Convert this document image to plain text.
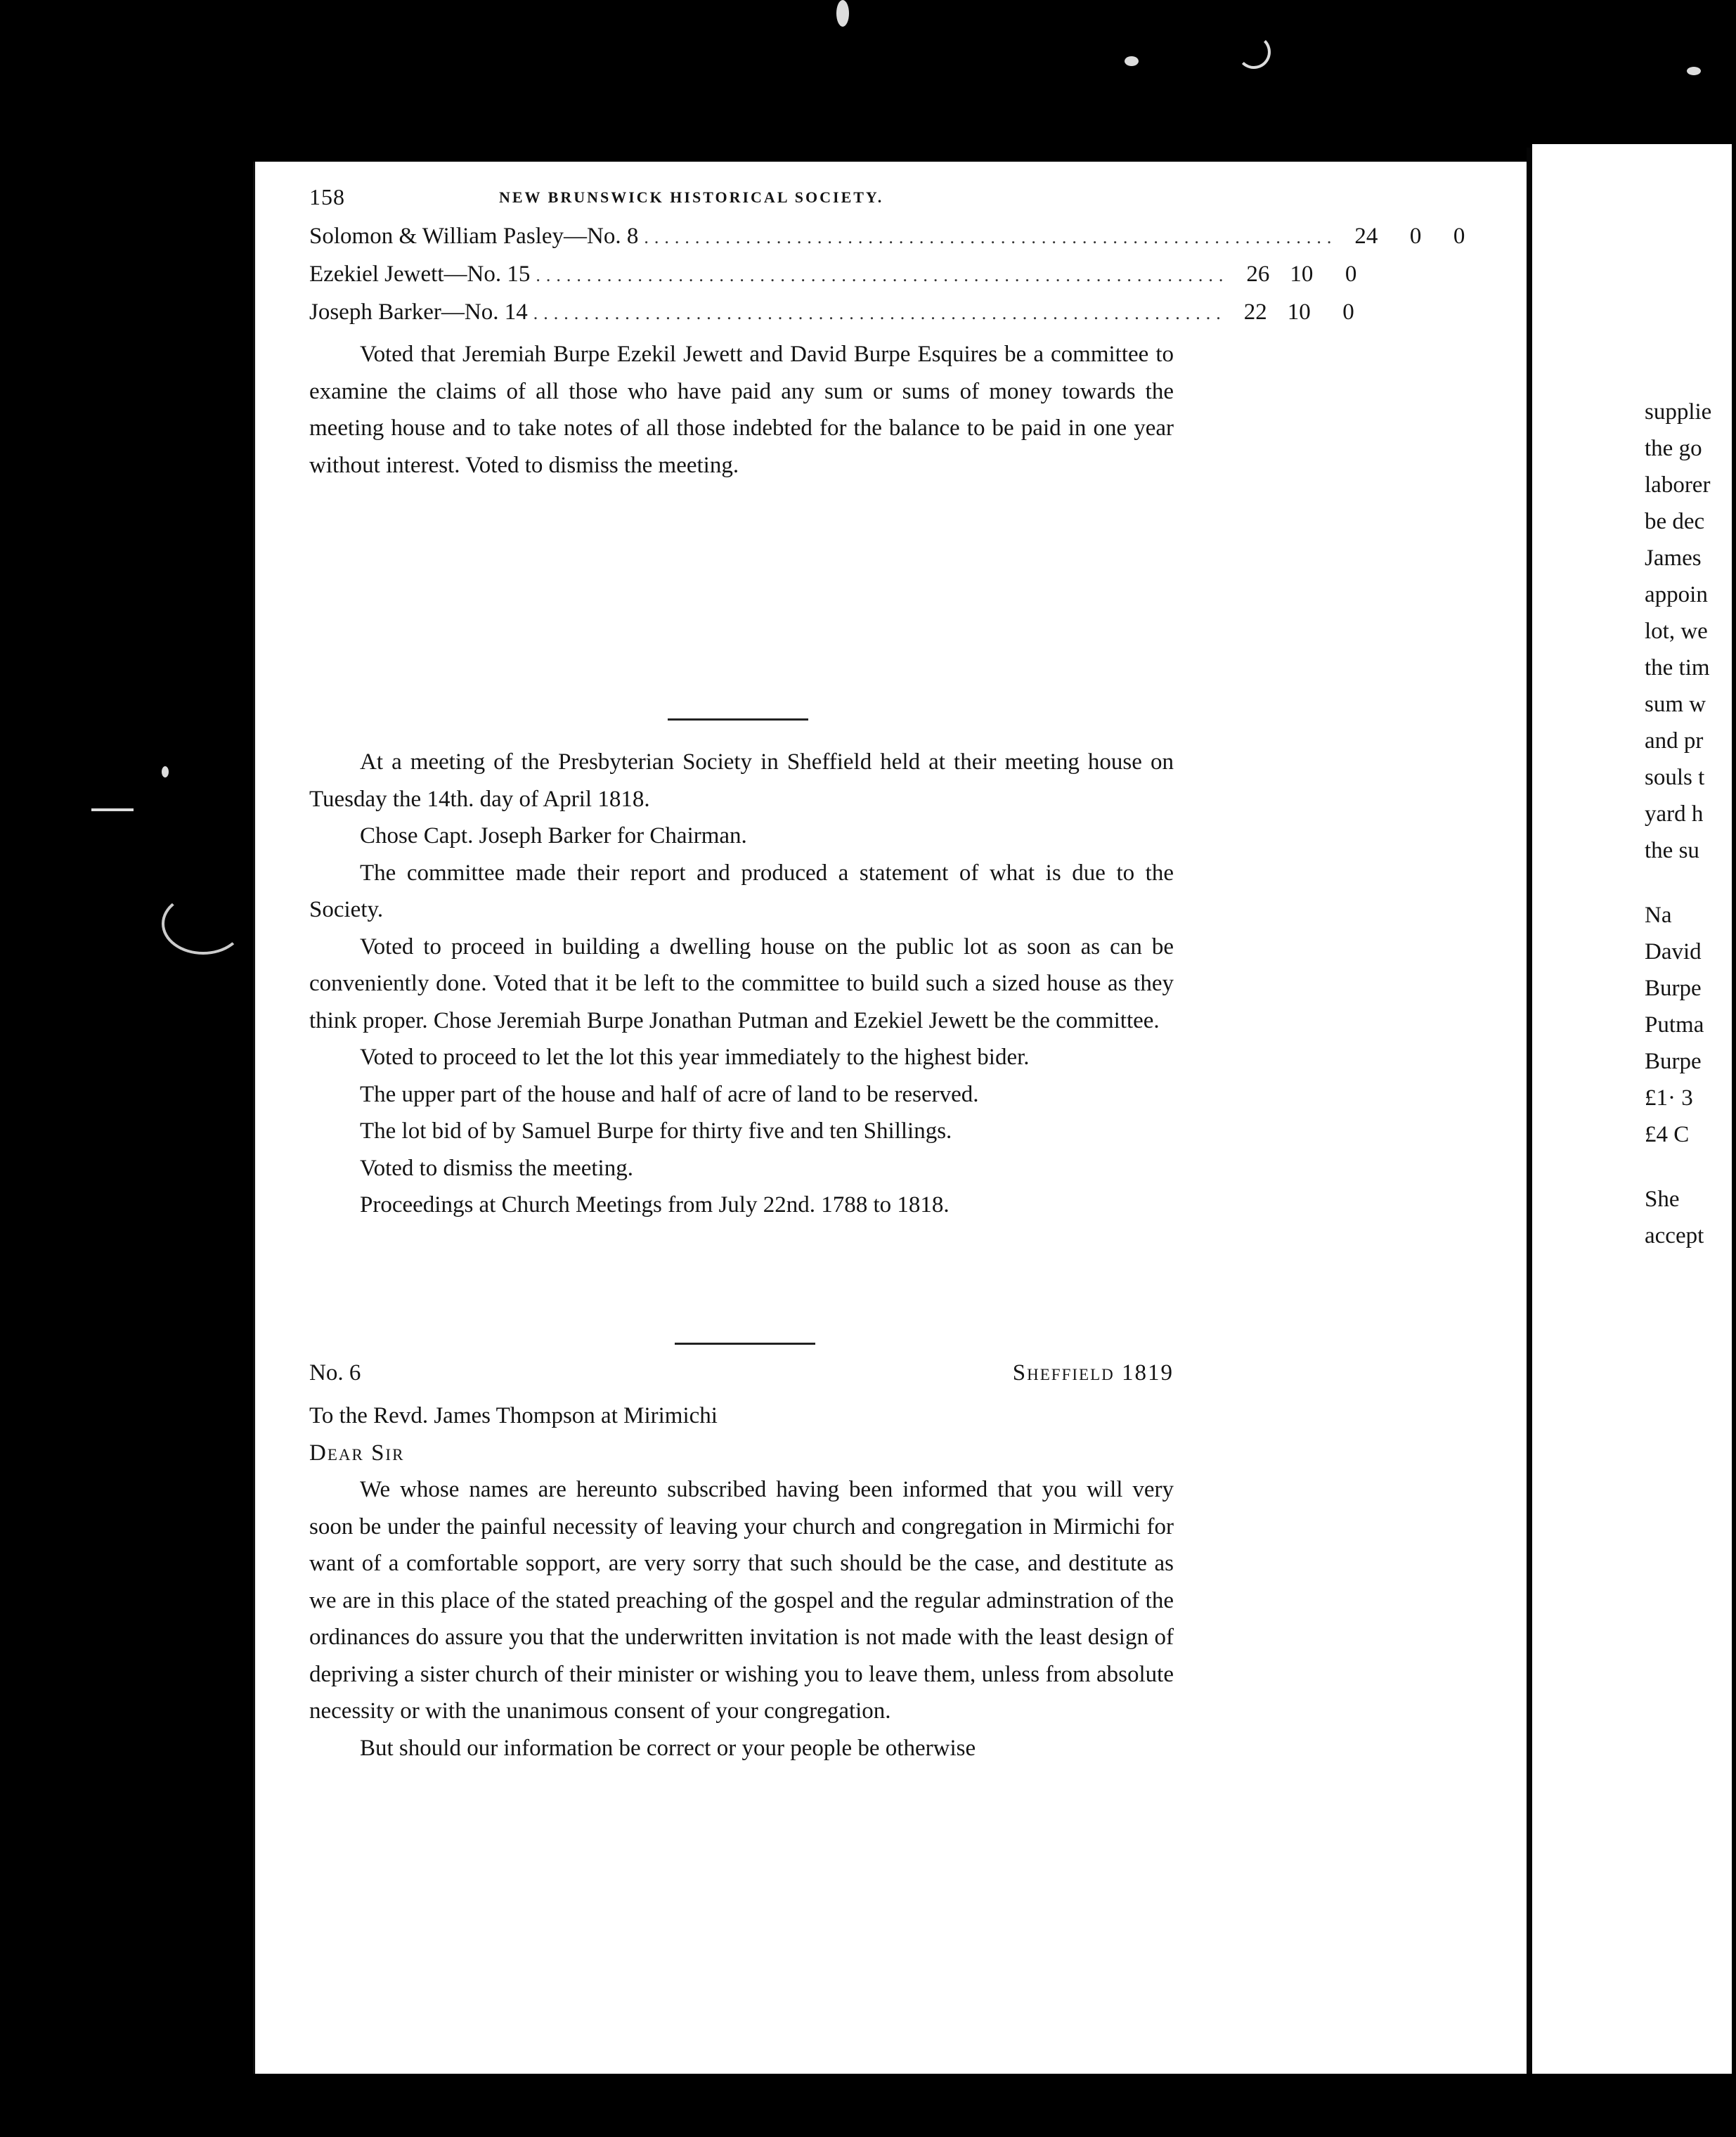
158	NEW BRUNSWICK HISTORICAL SOCIETY.
Solomon & William Pasley—No. 8 .................................................................... 24	0	0
Ezekiel Jewett—No. 15 .................................................................... 26 10	0
Joseph Barker—No. 14 .................................................................... 22 10	0

Voted that Jeremiah Burpe Ezekil Jewett and David Burpe Esquires be a committee to examine the claims of all those who have paid any sum or sums of money towards the meeting house and to take notes of all those indebted for the balance to be paid in one year without interest. Voted to dismiss the meeting.

At a meeting of the Presbyterian Society in Sheffield held at their meeting house on Tuesday the 14th. day of April 1818.

Chose Capt. Joseph Barker for Chairman.

The committee made their report and produced a statement of what is due to the Society.

Voted to proceed in building a dwelling house on the public lot as soon as can be conveniently done. Voted that it be left to the committee to build such a sized house as they think proper. Chose Jeremiah Burpe Jonathan Putman and Ezekiel Jewett be the committee.

Voted to proceed to let the lot this year immediately to the highest bider.

The upper part of the house and half of acre of land to be reserved.

The lot bid of by Samuel Burpe for thirty five and ten Shillings.

Voted to dismiss the meeting.

Proceedings at Church Meetings from July 22nd. 1788 to 1818.

No. 6	Sheffield 1819

To the Revd. James Thompson at Mirimichi

Dear Sir

We whose names are hereunto subscribed having been informed that you will very soon be under the painful necessity of leaving your church and congregation in Mirmichi for want of a comfortable sopport, are very sorry that such should be the case, and destitute as we are in this place of the stated preaching of the gospel and the regular adminstration of the ordinances do assure you that the underwritten invitation is not made with the least design of depriving a sister church of their minister or wishing you to leave them, unless from absolute necessity or with the unanimous consent of your congregation.

But should our information be correct or your people be otherwise

supplie
the go
laborer
be dec
James
appoin
lot, we
the tim
sum w
and pr
souls t
yard h
the su
Na
David
Burpe
Putma
Burpe
£1· 3
£4 C
She
accept
